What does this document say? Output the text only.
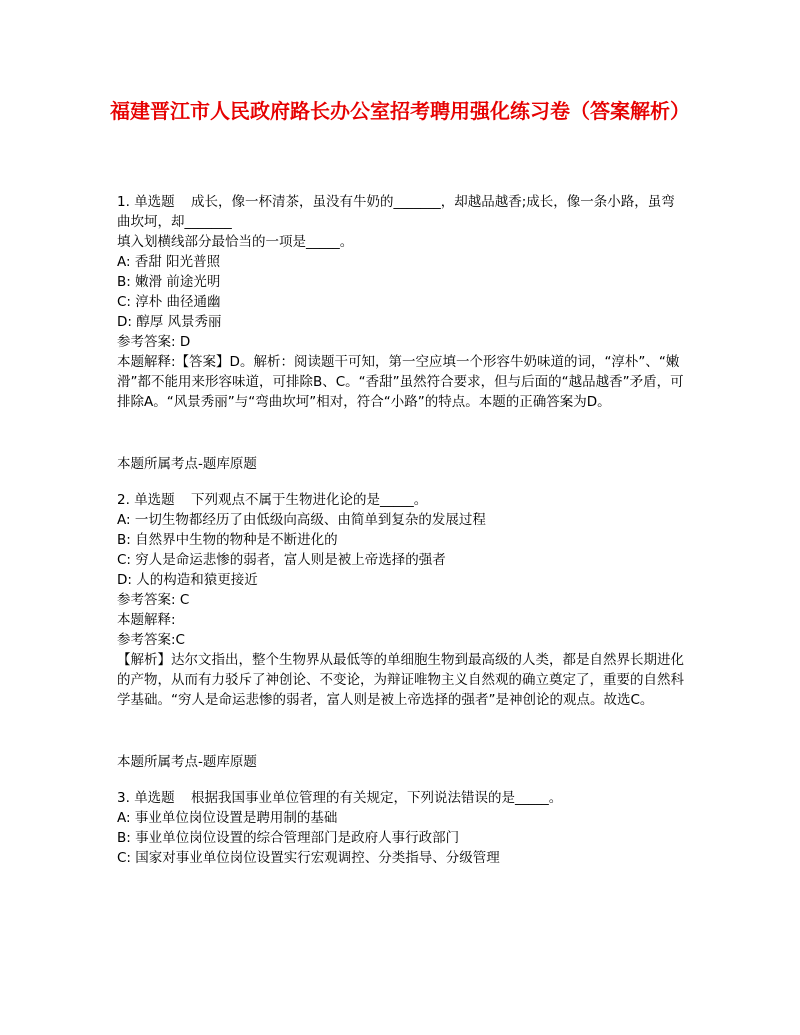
福建晋江市人民政府路长办公室招考聘用强化练习卷（答案解析）

1. 单选题 成长，像一杯清茶，虽没有牛奶的_______，却越品越香;成长，像一条小路，虽弯曲坎坷，却_______

填入划横线部分最恰当的一项是_____。

A: 香甜 阳光普照

B: 嫩滑 前途光明

C: 淳朴 曲径通幽

D: 醇厚 风景秀丽

参考答案: D

本题解释:【答案】D。解析：阅读题干可知，第一空应填一个形容牛奶味道的词，“淳朴”、“嫩滑”都不能用来形容味道，可排除B、C。“香甜”虽然符合要求，但与后面的“越品越香”矛盾，可排除A。“风景秀丽”与“弯曲坎坷”相对，符合“小路”的特点。本题的正确答案为D。

本题所属考点-题库原题

2. 单选题 下列观点不属于生物进化论的是_____。

A: 一切生物都经历了由低级向高级、由简单到复杂的发展过程

B: 自然界中生物的物种是不断进化的

C: 穷人是命运悲惨的弱者，富人则是被上帝选择的强者

D: 人的构造和猿更接近

参考答案: C

本题解释:

参考答案:C

【解析】达尔文指出，整个生物界从最低等的单细胞生物到最高级的人类，都是自然界长期进化的产物，从而有力驳斥了神创论、不变论，为辩证唯物主义自然观的确立奠定了，重要的自然科学基础。“穷人是命运悲惨的弱者，富人则是被上帝选择的强者”是神创论的观点。故选C。

本题所属考点-题库原题

3. 单选题 根据我国事业单位管理的有关规定，下列说法错误的是_____。

A: 事业单位岗位设置是聘用制的基础

B: 事业单位岗位设置的综合管理部门是政府人事行政部门

C: 国家对事业单位岗位设置实行宏观调控、分类指导、分级管理
